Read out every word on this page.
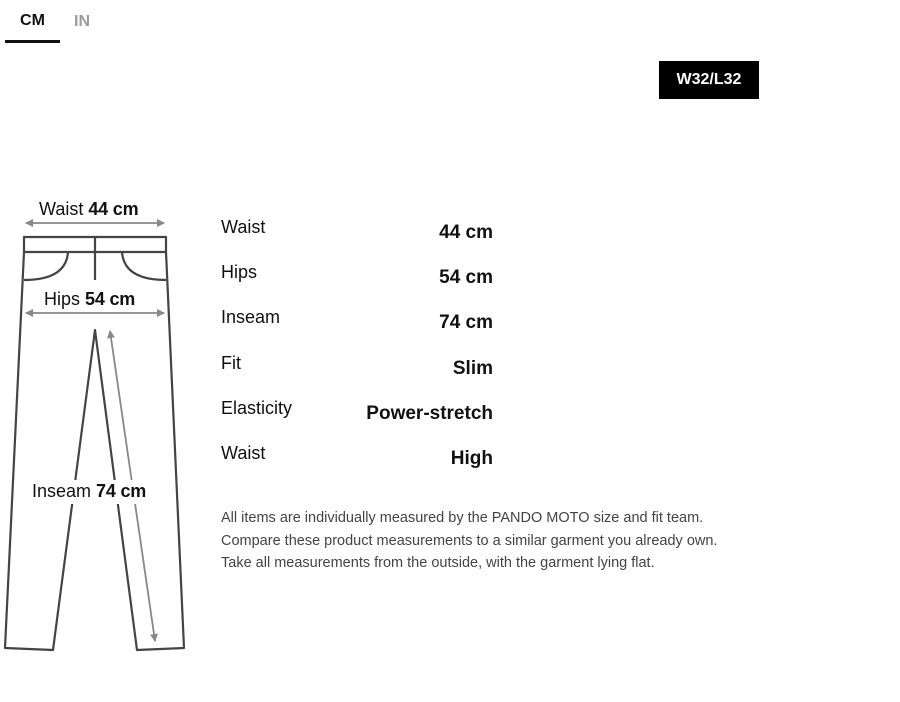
CM	IN
W32/L32
Waist 44 cm
Hips 54 cm
Inseam 74 cm
Waist	44 cm
Hips	54 cm
Inseam	74 cm
Fit	Slim
Elasticity	Power-stretch
Waist	High

All items are individually measured by the PANDO MOTO size and fit team.

Compare these product measurements to a similar garment you already own.

Take all measurements from the outside, with the garment lying flat.
